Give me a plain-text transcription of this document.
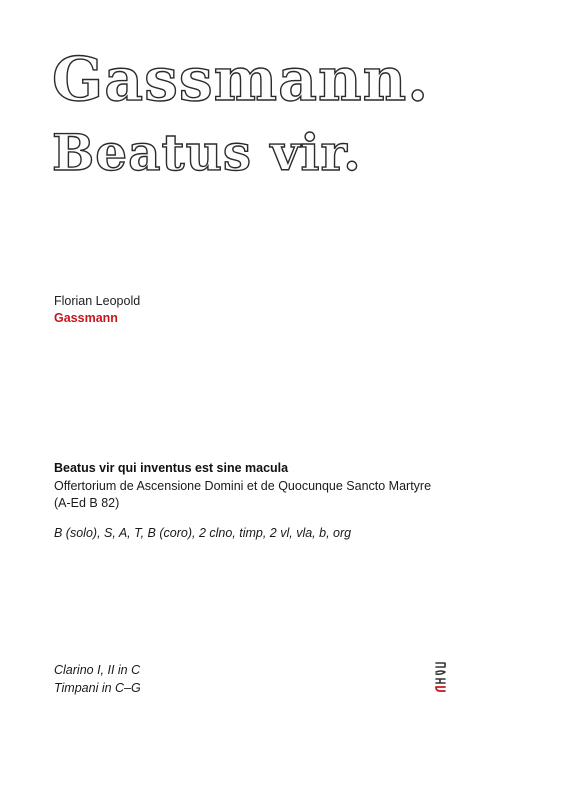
Gassmann.
Beatus vir.
Florian Leopold
Gassmann
Beatus vir qui inventus est sine macula
Offertorium de Ascensione Domini et de Quocunque Sancto Martyre
(A-Ed B 82)
B (solo), S, A, T, B (coro), 2 clno, timp, 2 vl, vla, b, org
Clarino I, II in C
Timpani in C–G
